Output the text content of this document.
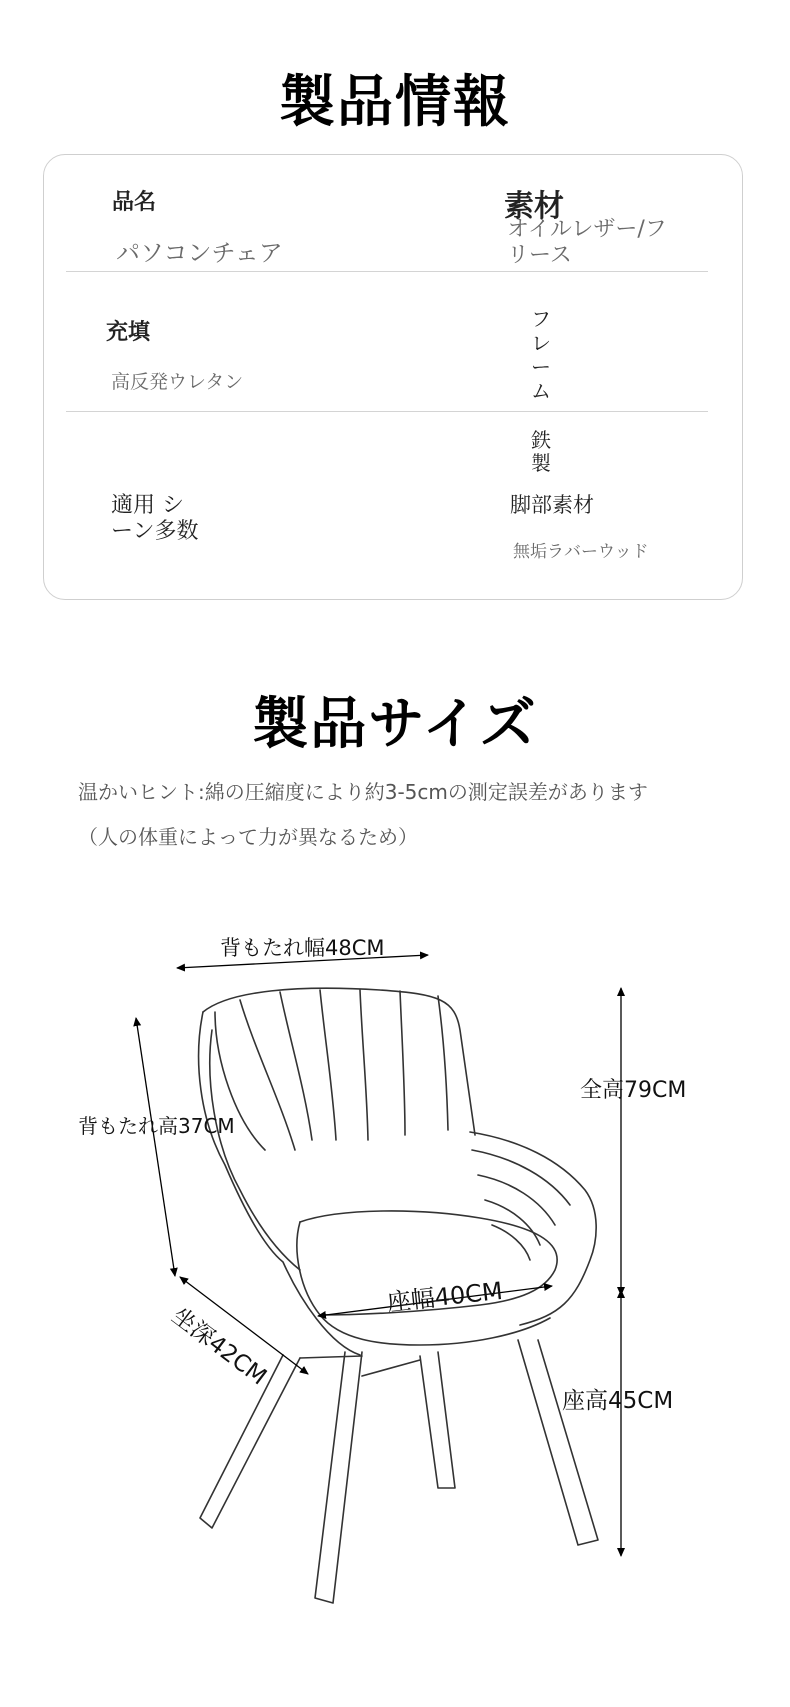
製品情報
品名
パソコンチェア
素材
オイルレザー/フ
リース
充填
高反発ウレタン
フ
レ
ー
ム
鉄
製
適用 シ
ーン多数
脚部素材
無垢ラバーウッド
製品サイズ
温かいヒント:綿の圧縮度により約3-5cmの測定誤差があります
（人の体重によって力が異なるため）
背もたれ幅48CM
背もたれ高37CM
全高79CM
座幅40CM
坐深42CM
座高45CM
